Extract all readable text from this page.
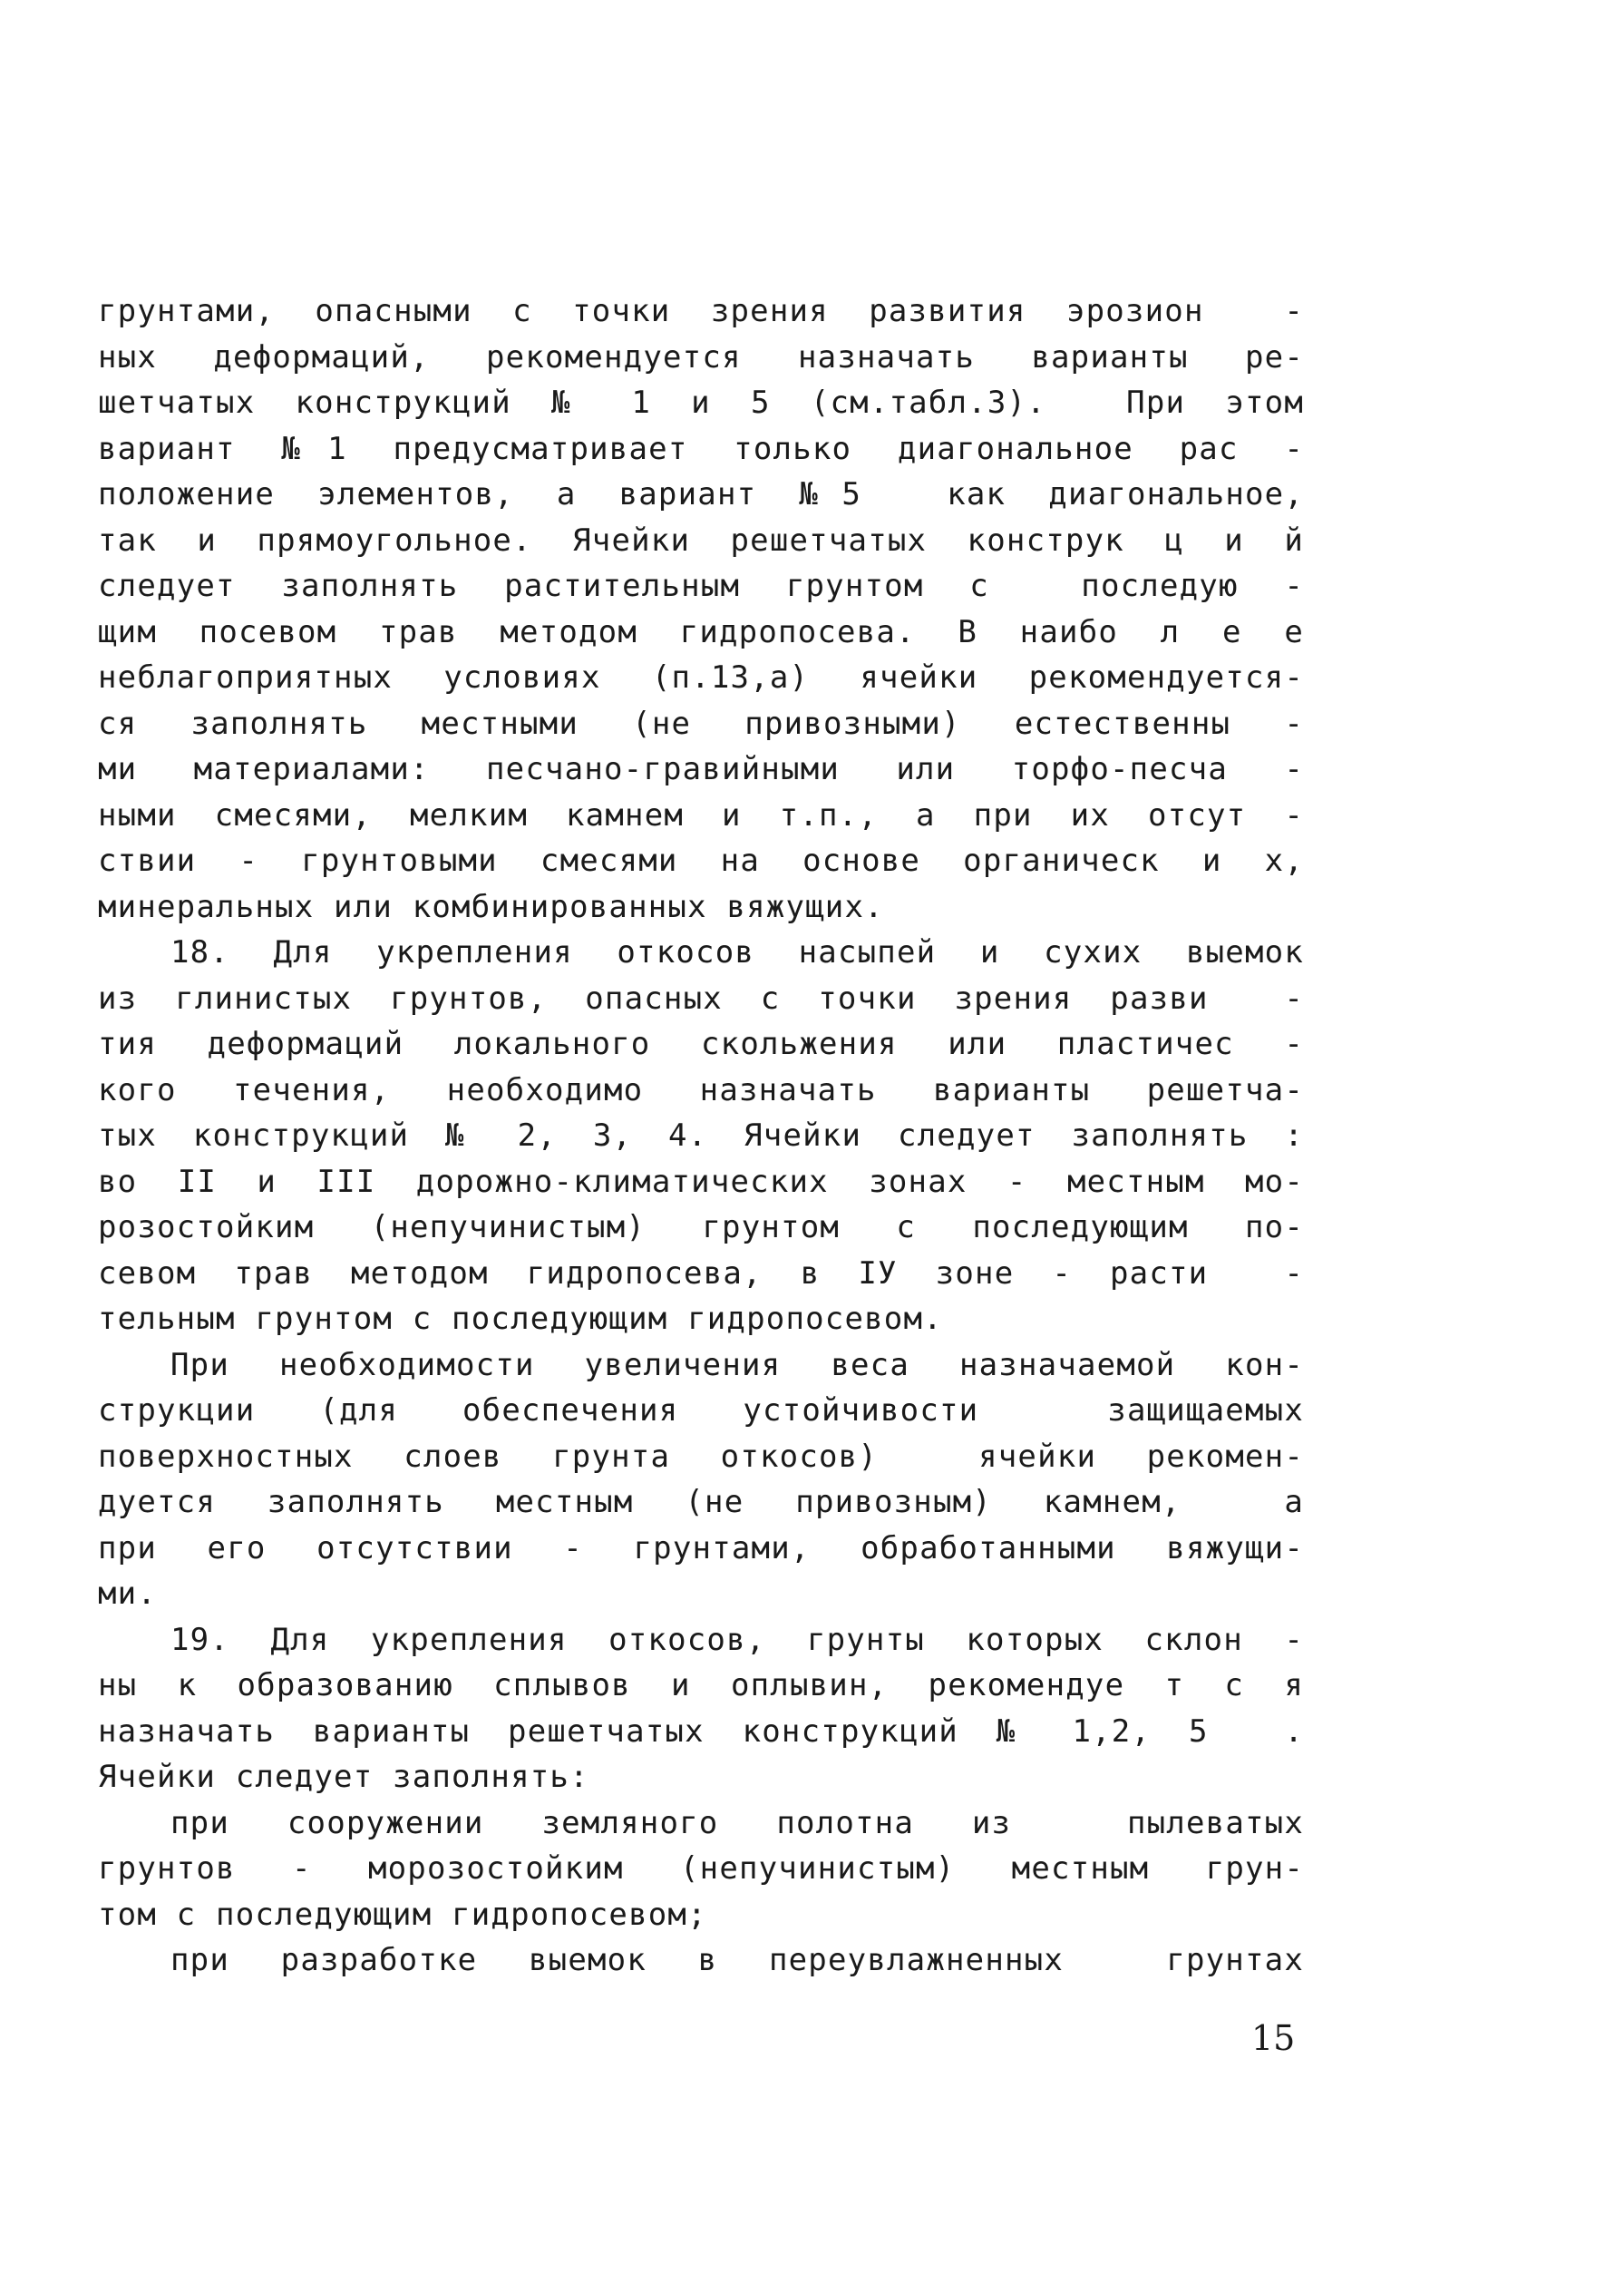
грунтами, опасными с точки зрения развития эрозион  -
ных деформаций, рекомендуется назначать варианты ре-
шетчатых конструкций № 1 и 5 (см.табл.3).  При этом
вариант №1 предусматривает только диагональное рас -
положение элементов, а вариант №5  как диагональное,
так и прямоугольное. Ячейки решетчатых конструк ц и й
следует заполнять растительным грунтом с  последую -
щим посевом трав методом гидропосева. В наибо л е е
неблагоприятных условиях (п.13,а) ячейки рекомендуется-
ся заполнять местными (не привозными) естественны -
ми материалами: песчано-гравийными или торфо-песча -
ными смесями, мелким камнем и т.п., а при их отсут -
ствии - грунтовыми смесями на основе органическ и х,
минеральных или комбинированных вяжущих.
18. Для укрепления откосов насыпей и сухих выемок
из глинистых грунтов, опасных с точки зрения разви  -
тия деформаций локального скольжения или пластичес -
кого течения, необходимо назначать варианты решетча-
тых конструкций № 2, 3, 4. Ячейки следует заполнять :
во II и III дорожно-климатических зонах - местным мо-
розостойким (непучинистым) грунтом с последующим по-
севом трав методом гидропосева, в IУ зоне - расти  -
тельным грунтом с последующим гидропосевом.
При необходимости увеличения веса назначаемой кон-
струкции (для обеспечения устойчивости  защищаемых
поверхностных слоев грунта откосов)  ячейки рекомен-
дуется заполнять местным (не привозным) камнем,  а
при его отсутствии - грунтами, обработанными вяжущи-
ми.
19. Для укрепления откосов, грунты которых склон -
ны к образованию сплывов и оплывин, рекомендуе т с я
назначать варианты решетчатых конструкций № 1,2, 5  .
Ячейки следует заполнять:
при сооружении земляного полотна из  пылеватых
грунтов - морозостойким (непучинистым) местным грун-
том с последующим гидропосевом;
при разработке выемок в переувлажненных  грунтах
15
